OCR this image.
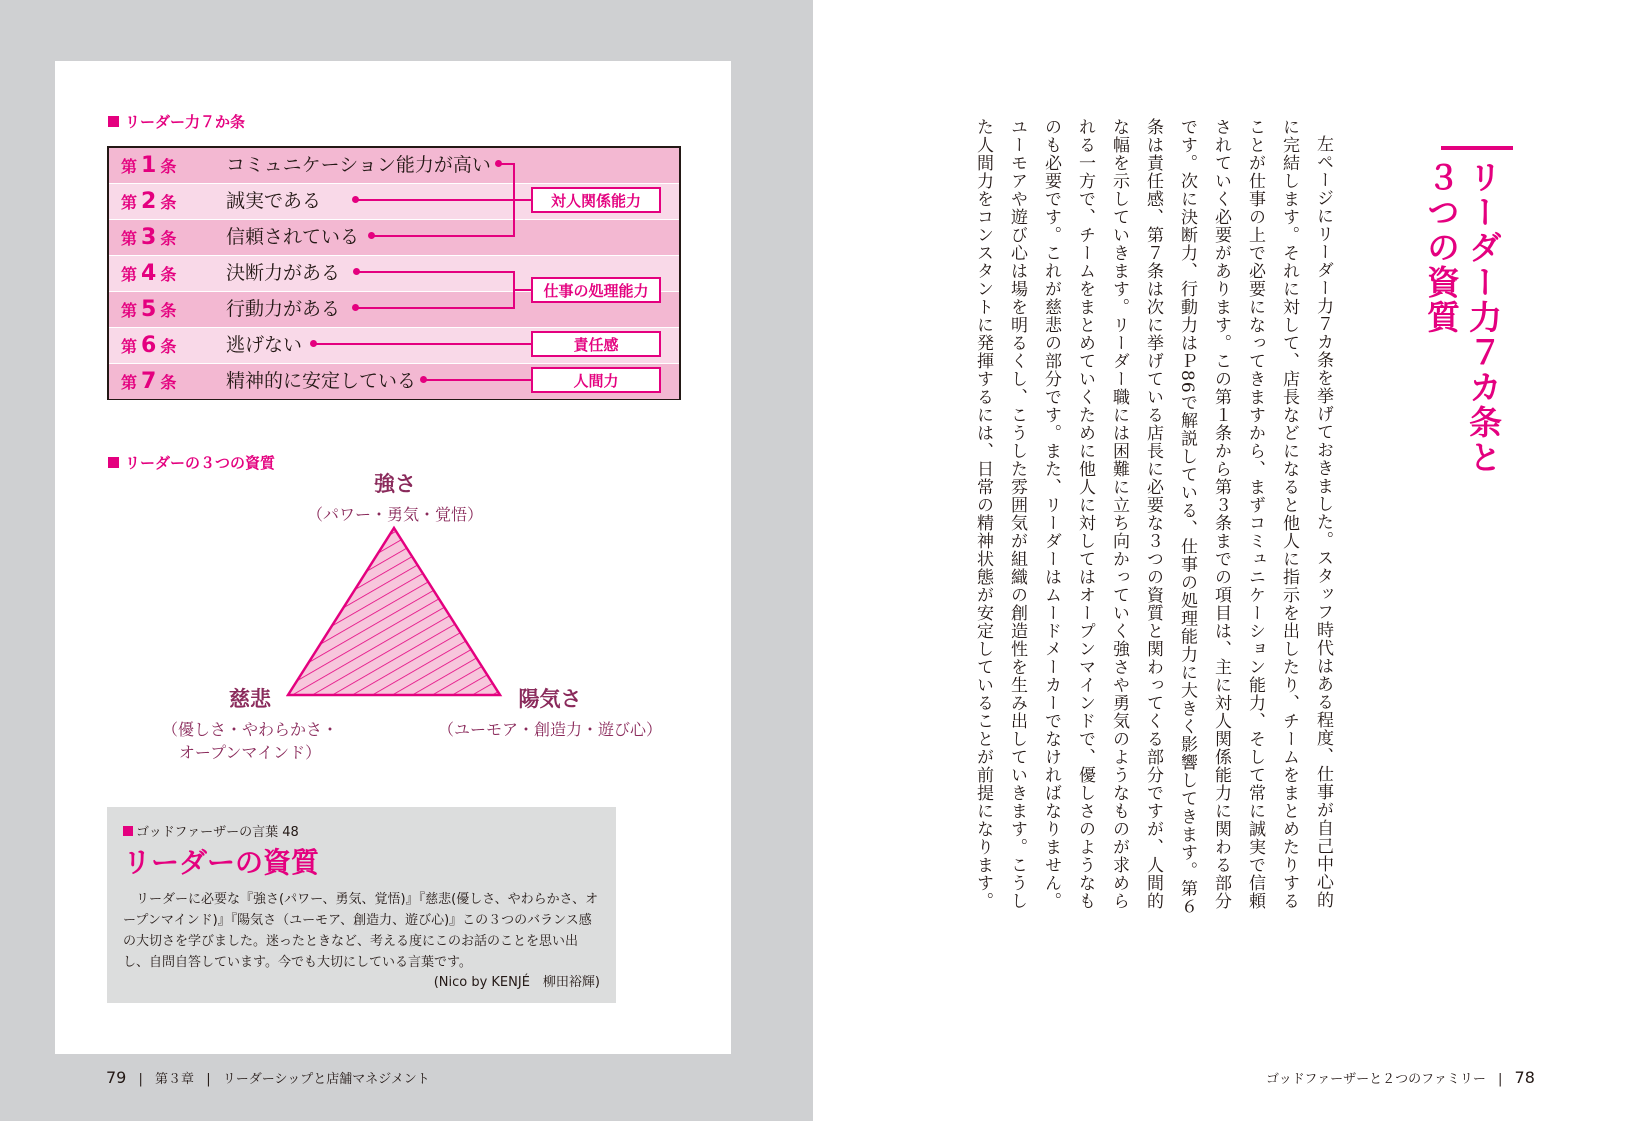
リーダー力７か条
第 1 条	コミュニケーション能力が高い
第 2 条	誠実である
第 3 条	信頼されている
第 4 条	決断力がある
第 5 条	行動力がある
第 6 条	逃げない
第 7 条	精神的に安定している
対人関係能力
仕事の処理能力
責任感
人間力
リーダーの３つの資質
強さ
（パワー・勇気・覚悟）
慈悲
（優しさ・やわらかさ・
オープンマインド）
陽気さ
（ユーモア・創造力・遊び心）
ゴッドファーザーの言葉 48
リーダーの資質
リーダーに必要な『強さ(パワー、勇気、覚悟)』『慈悲(優しさ、やわらかさ、オープンマインド)』『陽気さ（ユーモア、創造力、遊び心)』この３つのバランス感の大切さを学びました。迷ったときなど、考える度にこのお話のことを思い出し、自問自答しています。今でも大切にしている言葉です。
(Nico by KENJÉ　柳田裕輝)
79 | 第３章 | リーダーシップと店舗マネジメント
リーダー力７カ条と
３つの資質

左ページにリーダー力７カ条を挙げておきました。スタッフ時代はある程度、仕事が自己中心的に完結します。それに対して、店長などになると他人に指示を出したり、チームをまとめたりすることが仕事の上で必要になってきますから、まずコミュニケーション能力、そして常に誠実で信頼されていく必要があります。この第１条から第３条までの項目は、主に対人関係能力に関わる部分です。次に決断力、行動力はＰ86で解説している、仕事の処理能力に大きく影響してきます。第６条は責任感、第７条は次に挙げている店長に必要な３つの資質と関わってくる部分ですが、人間的な幅を示していきます。リーダー職には困難に立ち向かっていく強さや勇気のようなものが求められる一方で、チームをまとめていくために他人に対してはオープンマインドで、優しさのようなものも必要です。これが慈悲の部分です。また、リーダーはムードメーカーでなければなりません。ユーモアや遊び心は場を明るくし、こうした雰囲気が組織の創造性を生み出していきます。こうした人間力をコンスタントに発揮するには、日常の精神状態が安定していることが前提になります。

ゴッドファーザーと２つのファミリー | 78
